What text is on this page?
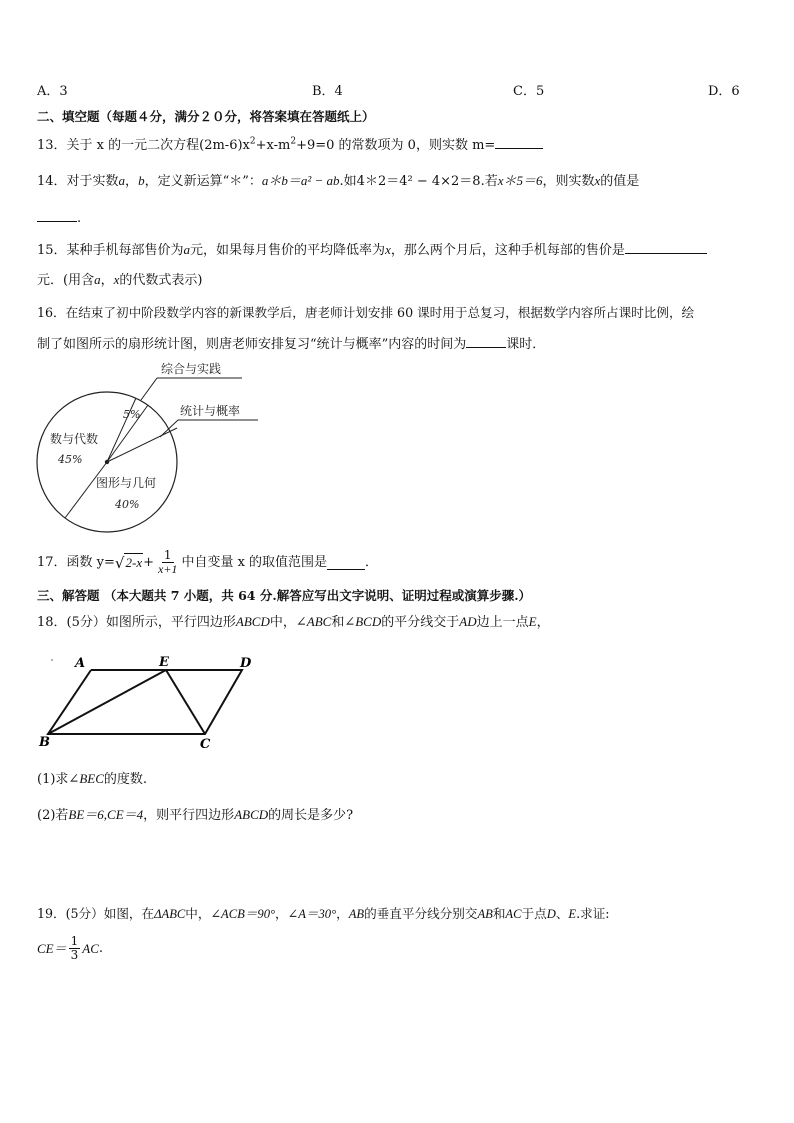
A．3	B．4	C．5	D．6
二、填空题（每题４分，满分２０分，将答案填在答题纸上）
13．关于 x 的一元二次方程$(2m-6)x^2+x-m^2+9=0$ 的常数项为 0，则实数 m=
14．对于实数a，b，定义新运算“＊”：a＊b＝a² − ab.如4＊2＝4² − 4×2＝8.若x＊5＝6，则实数x的值是
.
15．某种手机每部售价为a元，如果每月售价的平均降低率为x，那么两个月后，这种手机每部的售价是
元．(用含a，x的代数式表示)
16．在结束了初中阶段数学内容的新课教学后，唐老师计划安排 60 课时用于总复习，根据数学内容所占课时比例，绘
制了如图所示的扇形统计图，则唐老师安排复习“统计与概率”内容的时间为	课时．
综合与实践
统计与概率
5%
数与代数
45%
图形与几何
40%
17．函数 y= √ $2-x + \frac{1}{x+1}$ 中自变量 x 的取值范围是	．
三、解答题 （本大题共 7 小题，共 64 分.解答应写出文字说明、证明过程或演算步骤.）
18．(5分）如图所示，平行四边形ABCD中，∠ABC和∠BCD的平分线交于AD边上一点E，
A	E	D
B	C
(1)求∠BEC的度数.
(2)若BE＝6,CE＝4，则平行四边形ABCD的周长是多少?
19．(5分）如图，在ΔABC中，∠ACB＝90°，∠A＝30°，AB的垂直平分线分别交AB和AC于点D、E.求证:
$CE= \frac{1}{3}$ AC .
